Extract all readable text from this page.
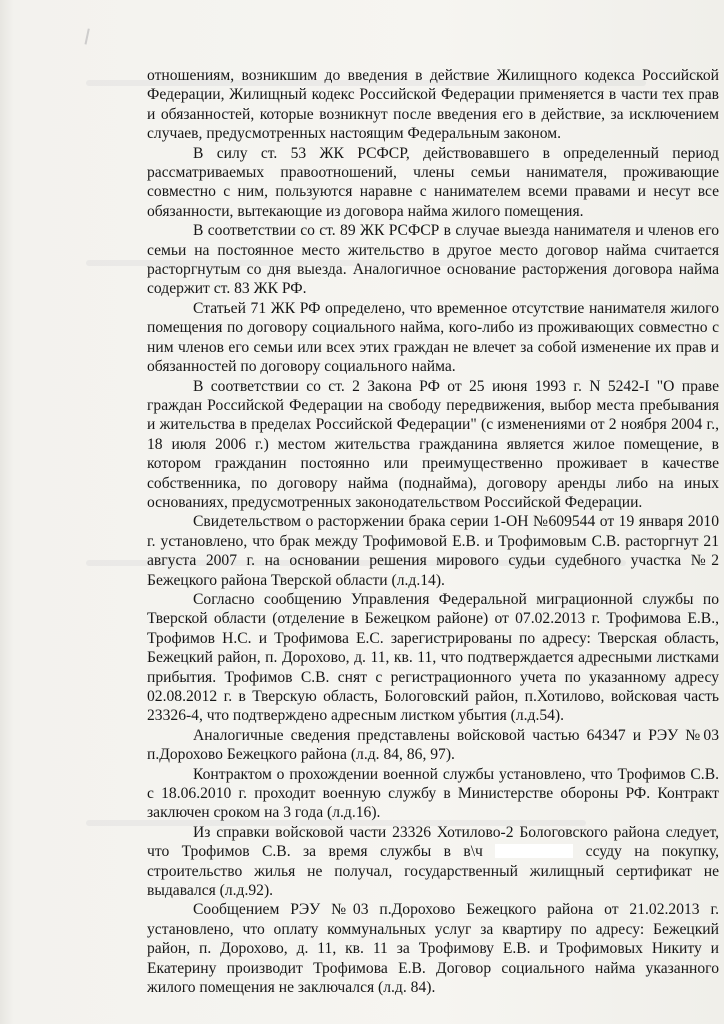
отношениям, возникшим до введения в действие Жилищного кодекса Российской Федерации, Жилищный кодекс Российской Федерации применяется в части тех прав и обязанностей, которые возникнут после введения его в действие, за исключением случаев, предусмотренных настоящим Федеральным законом.

В силу ст. 53 ЖК РСФСР, действовавшего в определенный период рассматриваемых правоотношений, члены семьи нанимателя, проживающие совместно с ним, пользуются наравне с нанимателем всеми правами и несут все обязанности, вытекающие из договора найма жилого помещения.

В соответствии со ст. 89 ЖК РСФСР в случае выезда нанимателя и членов его семьи на постоянное место жительство в другое место договор найма считается расторгнутым со дня выезда. Аналогичное основание расторжения договора найма содержит ст. 83 ЖК РФ.

Статьей 71 ЖК РФ определено, что временное отсутствие нанимателя жилого помещения по договору социального найма, кого-либо из проживающих совместно с ним членов его семьи или всех этих граждан не влечет за собой изменение их прав и обязанностей по договору социального найма.

В соответствии со ст. 2 Закона РФ от 25 июня 1993 г. N 5242-I "О праве граждан Российской Федерации на свободу передвижения, выбор места пребывания и жительства в пределах Российской Федерации" (с изменениями от 2 ноября 2004 г., 18 июля 2006 г.) местом жительства гражданина является жилое помещение, в котором гражданин постоянно или преимущественно проживает в качестве собственника, по договору найма (поднайма), договору аренды либо на иных основаниях, предусмотренных законодательством Российской Федерации.

Свидетельством о расторжении брака серии 1-ОН №609544 от 19 января 2010 г. установлено, что брак между Трофимовой Е.В. и Трофимовым С.В. расторгнут 21 августа 2007 г. на основании решения мирового судьи судебного участка №2 Бежецкого района Тверской области (л.д.14).

Согласно сообщению Управления Федеральной миграционной службы по Тверской области (отделение в Бежецком районе) от 07.02.2013 г. Трофимова Е.В., Трофимов Н.С. и Трофимова Е.С. зарегистрированы по адресу: Тверская область, Бежецкий район, п. Дорохово, д. 11, кв. 11, что подтверждается адресными листками прибытия. Трофимов С.В. снят с регистрационного учета по указанному адресу 02.08.2012 г. в Тверскую область, Бологовский район, п.Хотилово, войсковая часть 23326-4, что подтверждено адресным листком убытия (л.д.54).

Аналогичные сведения представлены войсковой частью 64347 и РЭУ №03 п.Дорохово Бежецкого района (л.д. 84, 86, 97).

Контрактом о прохождении военной службы установлено, что Трофимов С.В. с 18.06.2010 г. проходит военную службу в Министерстве обороны РФ. Контракт заключен сроком на 3 года (л.д.16).

Из справки войсковой части 23326 Хотилово-2 Бологовского района следует, что Трофимов С.В. за время службы в в\ч	ссуду на покупку, строительство жилья не получал, государственный жилищный сертификат не выдавался (л.д.92).

Сообщением РЭУ №03 п.Дорохово Бежецкого района от 21.02.2013 г. установлено, что оплату коммунальных услуг за квартиру по адресу: Бежецкий район, п. Дорохово, д. 11, кв. 11 за Трофимову Е.В. и Трофимовых Никиту и Екатерину производит Трофимова Е.В. Договор социального найма указанного жилого помещения не заключался (л.д. 84).
